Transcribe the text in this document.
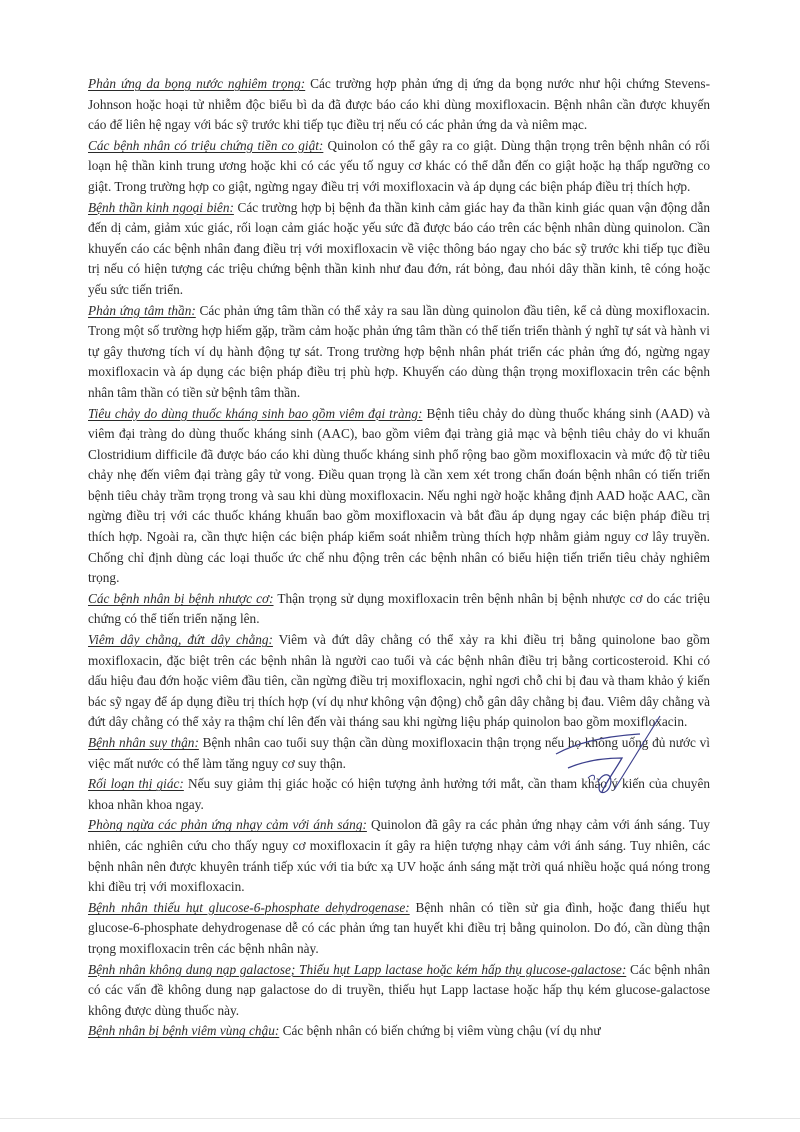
Phản ứng da bọng nước nghiêm trọng: Các trường hợp phản ứng dị ứng da bọng nước như hội chứng Stevens-Johnson hoặc hoại tử nhiễm độc biểu bì da đã được báo cáo khi dùng moxifloxacin. Bệnh nhân cần được khuyến cáo để liên hệ ngay với bác sỹ trước khi tiếp tục điều trị nếu có các phản ứng da và niêm mạc.

Các bệnh nhân có triệu chứng tiền co giật: Quinolon có thể gây ra co giật. Dùng thận trọng trên bệnh nhân có rối loạn hệ thần kinh trung ương hoặc khi có các yếu tố nguy cơ khác có thể dẫn đến co giật hoặc hạ thấp ngưỡng co giật. Trong trường hợp co giật, ngừng ngay điều trị với moxifloxacin và áp dụng các biện pháp điều trị thích hợp.

Bệnh thần kinh ngoại biên: Các trường hợp bị bệnh đa thần kinh cảm giác hay đa thần kinh giác quan vận động dẫn đến dị cảm, giảm xúc giác, rối loạn cảm giác hoặc yếu sức đã được báo cáo trên các bệnh nhân dùng quinolon. Cần khuyến cáo các bệnh nhân đang điều trị với moxifloxacin về việc thông báo ngay cho bác sỹ trước khi tiếp tục điều trị nếu có hiện tượng các triệu chứng bệnh thần kinh như đau đớn, rát bỏng, đau nhói dây thần kinh, tê cóng hoặc yếu sức tiến triển.

Phản ứng tâm thần: Các phản ứng tâm thần có thể xảy ra sau lần dùng quinolon đầu tiên, kể cả dùng moxifloxacin. Trong một số trường hợp hiếm gặp, trầm cảm hoặc phản ứng tâm thần có thể tiến triển thành ý nghĩ tự sát và hành vi tự gây thương tích ví dụ hành động tự sát. Trong trường hợp bệnh nhân phát triển các phản ứng đó, ngừng ngay moxifloxacin và áp dụng các biện pháp điều trị phù hợp. Khuyến cáo dùng thận trọng moxifloxacin trên các bệnh nhân tâm thần có tiền sử bệnh tâm thần.

Tiêu chảy do dùng thuốc kháng sinh bao gồm viêm đại tràng: Bệnh tiêu chảy do dùng thuốc kháng sinh (AAD) và viêm đại tràng do dùng thuốc kháng sinh (AAC), bao gồm viêm đại tràng giả mạc và bệnh tiêu chảy do vi khuẩn Clostridium difficile đã được báo cáo khi dùng thuốc kháng sinh phổ rộng bao gồm moxifloxacin và mức độ từ tiêu chảy nhẹ đến viêm đại tràng gây tử vong. Điều quan trọng là cần xem xét trong chẩn đoán bệnh nhân có tiến triển bệnh tiêu chảy trầm trọng trong và sau khi dùng moxifloxacin. Nếu nghi ngờ hoặc khẳng định AAD hoặc AAC, cần ngừng điều trị với các thuốc kháng khuẩn bao gồm moxifloxacin và bắt đầu áp dụng ngay các biện pháp điều trị thích hợp. Ngoài ra, cần thực hiện các biện pháp kiểm soát nhiễm trùng thích hợp nhằm giảm nguy cơ lây truyền. Chống chỉ định dùng các loại thuốc ức chế nhu động trên các bệnh nhân có biểu hiện tiến triển tiêu chảy nghiêm trọng.

Các bệnh nhân bị bệnh nhược cơ: Thận trọng sử dụng moxifloxacin trên bệnh nhân bị bệnh nhược cơ do các triệu chứng có thể tiến triển nặng lên.

Viêm dây chằng, đứt dây chằng: Viêm và đứt dây chằng có thể xảy ra khi điều trị bằng quinolone bao gồm moxifloxacin, đặc biệt trên các bệnh nhân là người cao tuổi và các bệnh nhân điều trị bằng corticosteroid. Khi có dấu hiệu đau đớn hoặc viêm đầu tiên, cần ngừng điều trị moxifloxacin, nghỉ ngơi chỗ chi bị đau và tham khảo ý kiến bác sỹ ngay để áp dụng điều trị thích hợp (ví dụ như không vận động) chỗ gân dây chằng bị đau. Viêm dây chằng và đứt dây chằng có thể xảy ra thậm chí lên đến vài tháng sau khi ngừng liệu pháp quinolon bao gồm moxifloxacin.

Bệnh nhân suy thận: Bệnh nhân cao tuổi suy thận cần dùng moxifloxacin thận trọng nếu họ không uống đủ nước vì việc mất nước có thể làm tăng nguy cơ suy thận.

Rối loạn thị giác: Nếu suy giảm thị giác hoặc có hiện tượng ảnh hưởng tới mắt, cần tham khảo ý kiến của chuyên khoa nhãn khoa ngay.

Phòng ngừa các phản ứng nhạy cảm với ánh sáng: Quinolon đã gây ra các phản ứng nhạy cảm với ánh sáng. Tuy nhiên, các nghiên cứu cho thấy nguy cơ moxifloxacin ít gây ra hiện tượng nhạy cảm với ánh sáng. Tuy nhiên, các bệnh nhân nên được khuyên tránh tiếp xúc với tia bức xạ UV hoặc ánh sáng mặt trời quá nhiều hoặc quá nóng trong khi điều trị với moxifloxacin.

Bệnh nhân thiếu hụt glucose-6-phosphate dehydrogenase: Bệnh nhân có tiền sử gia đình, hoặc đang thiếu hụt glucose-6-phosphate dehydrogenase dễ có các phản ứng tan huyết khi điều trị bằng quinolon. Do đó, cần dùng thận trọng moxifloxacin trên các bệnh nhân này.

Bệnh nhân không dung nạp galactose; Thiếu hụt Lapp lactase hoặc kém hấp thụ glucose-galactose: Các bệnh nhân có các vấn đề không dung nạp galactose do di truyền, thiếu hụt Lapp lactase hoặc hấp thụ kém glucose-galactose không được dùng thuốc này.

Bệnh nhân bị bệnh viêm vùng chậu: Các bệnh nhân có biến chứng bị viêm vùng chậu (ví dụ như
